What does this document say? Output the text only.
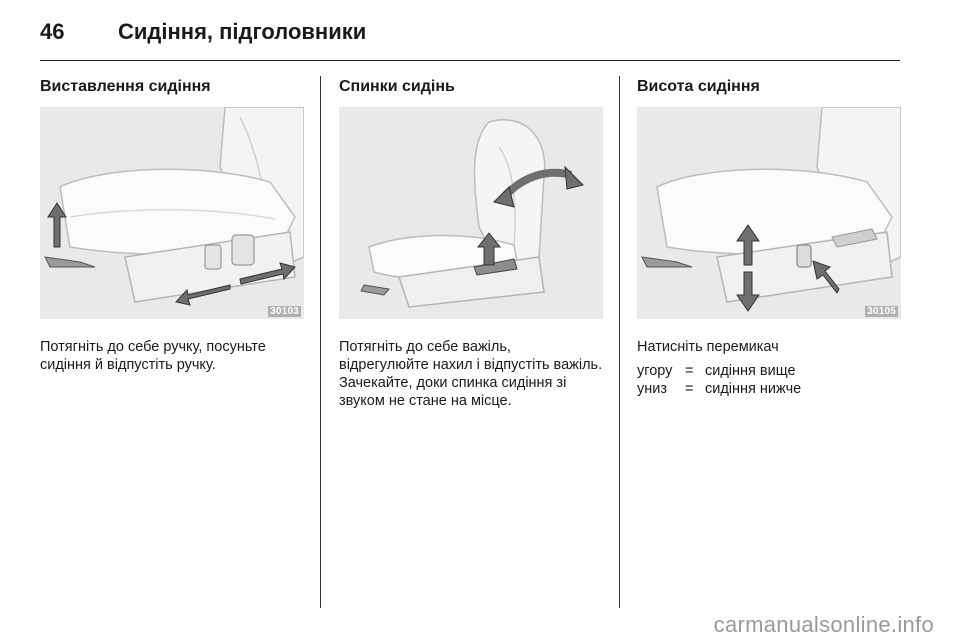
46	Сидіння, підголовники
Виставлення сидіння
30103
Потягніть до себе ручку, посуньте сидіння й відпустіть ручку.
Спинки сидінь
Потягніть до себе важіль, відрегулюйте нахил і відпустіть важіль. Зачекайте, доки спинка сидіння зі звуком не стане на місце.
Висота сидіння
30105
Натисніть перемикач
угору = сидіння вище
униз	= сидіння нижче
carmanualsonline.info
